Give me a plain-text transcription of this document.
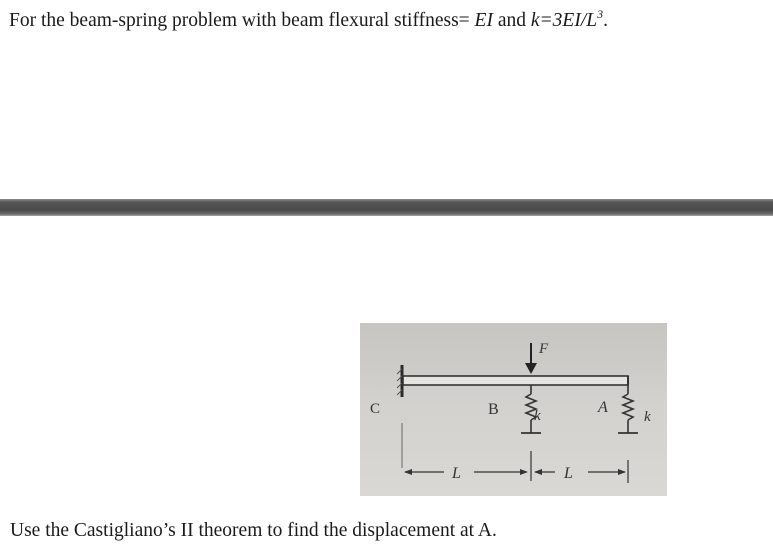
For the beam-spring problem with beam flexural stiffness= EI and $k=3EI/L^3$.
C
F
B k	A
k
L	L
Use the Castigliano’s II theorem to find the displacement at A.
